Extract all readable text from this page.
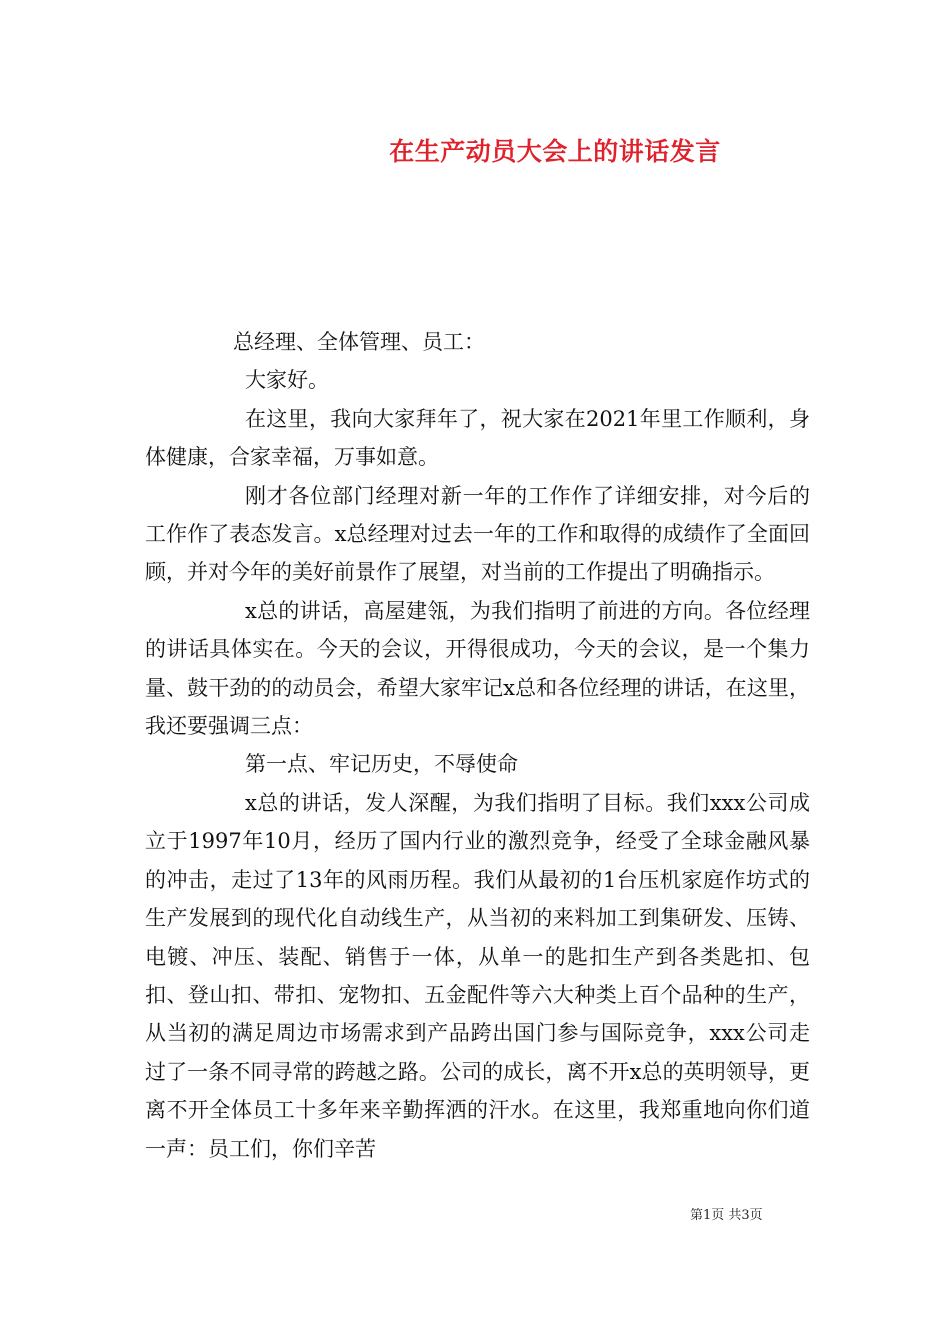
在生产动员大会上的讲话发言

总经理、全体管理、员工：

大家好。

在这里，我向大家拜年了，祝大家在2021年里工作顺利，身体健康，合家幸福，万事如意。

刚才各位部门经理对新一年的工作作了详细安排，对今后的工作作了表态发言。x总经理对过去一年的工作和取得的成绩作了全面回顾，并对今年的美好前景作了展望，对当前的工作提出了明确指示。

x总的讲话，高屋建瓴，为我们指明了前进的方向。各位经理的讲话具体实在。今天的会议，开得很成功，今天的会议，是一个集力量、鼓干劲的的动员会，希望大家牢记x总和各位经理的讲话，在这里，我还要强调三点：

第一点、牢记历史，不辱使命

x总的讲话，发人深醒，为我们指明了目标。我们xxx公司成立于1997年10月，经历了国内行业的激烈竞争，经受了全球金融风暴的冲击，走过了13年的风雨历程。我们从最初的1台压机家庭作坊式的生产发展到的现代化自动线生产，从当初的来料加工到集研发、压铸、电镀、冲压、装配、销售于一体，从单一的匙扣生产到各类匙扣、包扣、登山扣、带扣、宠物扣、五金配件等六大种类上百个品种的生产，从当初的满足周边市场需求到产品跨出国门参与国际竞争，xxx公司走过了一条不同寻常的跨越之路。公司的成长，离不开x总的英明领导，更离不开全体员工十多年来辛勤挥洒的汗水。在这里，我郑重地向你们道一声：员工们，你们辛苦

第1页 共3页
